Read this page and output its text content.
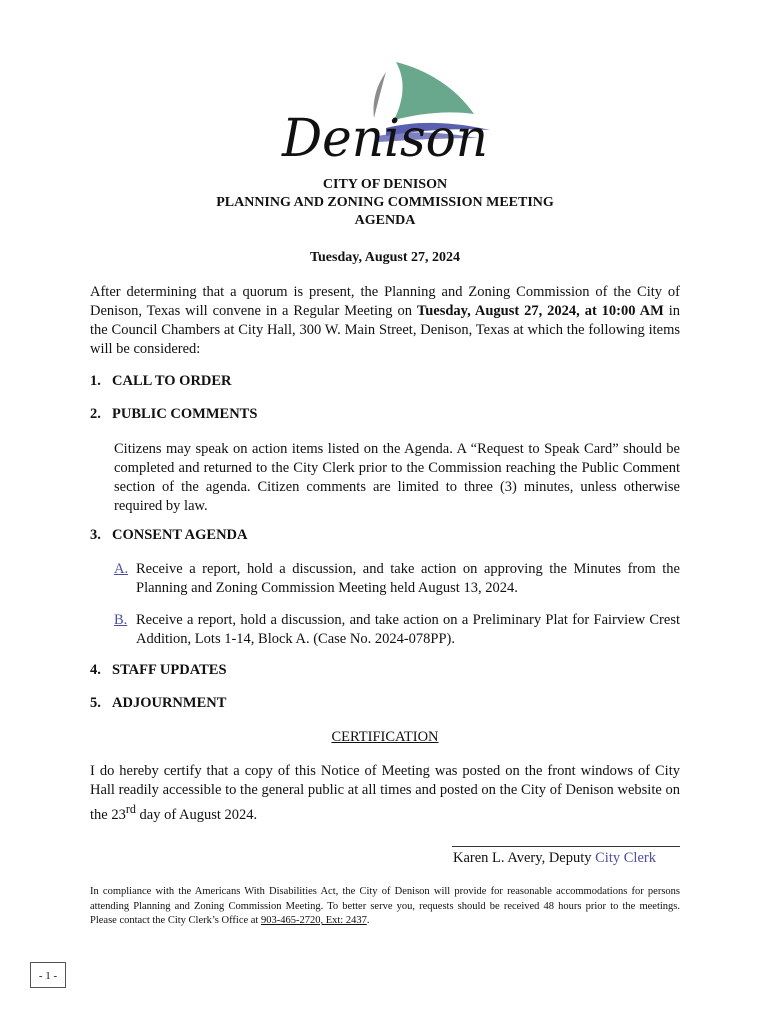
Denison
CITY OF DENISON
PLANNING AND ZONING COMMISSION MEETING
AGENDA
Tuesday, August 27, 2024
After determining that a quorum is present, the Planning and Zoning Commission of the City of Denison, Texas will convene in a Regular Meeting on Tuesday, August 27, 2024, at 10:00 AM in the Council Chambers at City Hall, 300 W. Main Street, Denison, Texas at which the following items will be considered:
1. CALL TO ORDER
2. PUBLIC COMMENTS
Citizens may speak on action items listed on the Agenda. A “Request to Speak Card” should be completed and returned to the City Clerk prior to the Commission reaching the Public Comment section of the agenda. Citizen comments are limited to three (3) minutes, unless otherwise required by law.
3. CONSENT AGENDA
A. Receive a report, hold a discussion, and take action on approving the Minutes from the Planning and Zoning Commission Meeting held August 13, 2024.
B. Receive a report, hold a discussion, and take action on a Preliminary Plat for Fairview Crest Addition, Lots 1-14, Block A. (Case No. 2024-078PP).
4. STAFF UPDATES
5. ADJOURNMENT
CERTIFICATION
I do hereby certify that a copy of this Notice of Meeting was posted on the front windows of City Hall readily accessible to the general public at all times and posted on the City of Denison website on the 23rd day of August 2024.
Karen L. Avery, Deputy City Clerk
In compliance with the Americans With Disabilities Act, the City of Denison will provide for reasonable accommodations for persons attending Planning and Zoning Commission Meeting. To better serve you, requests should be received 48 hours prior to the meetings. Please contact the City Clerk’s Office at 903-465-2720, Ext: 2437.
- 1 -
